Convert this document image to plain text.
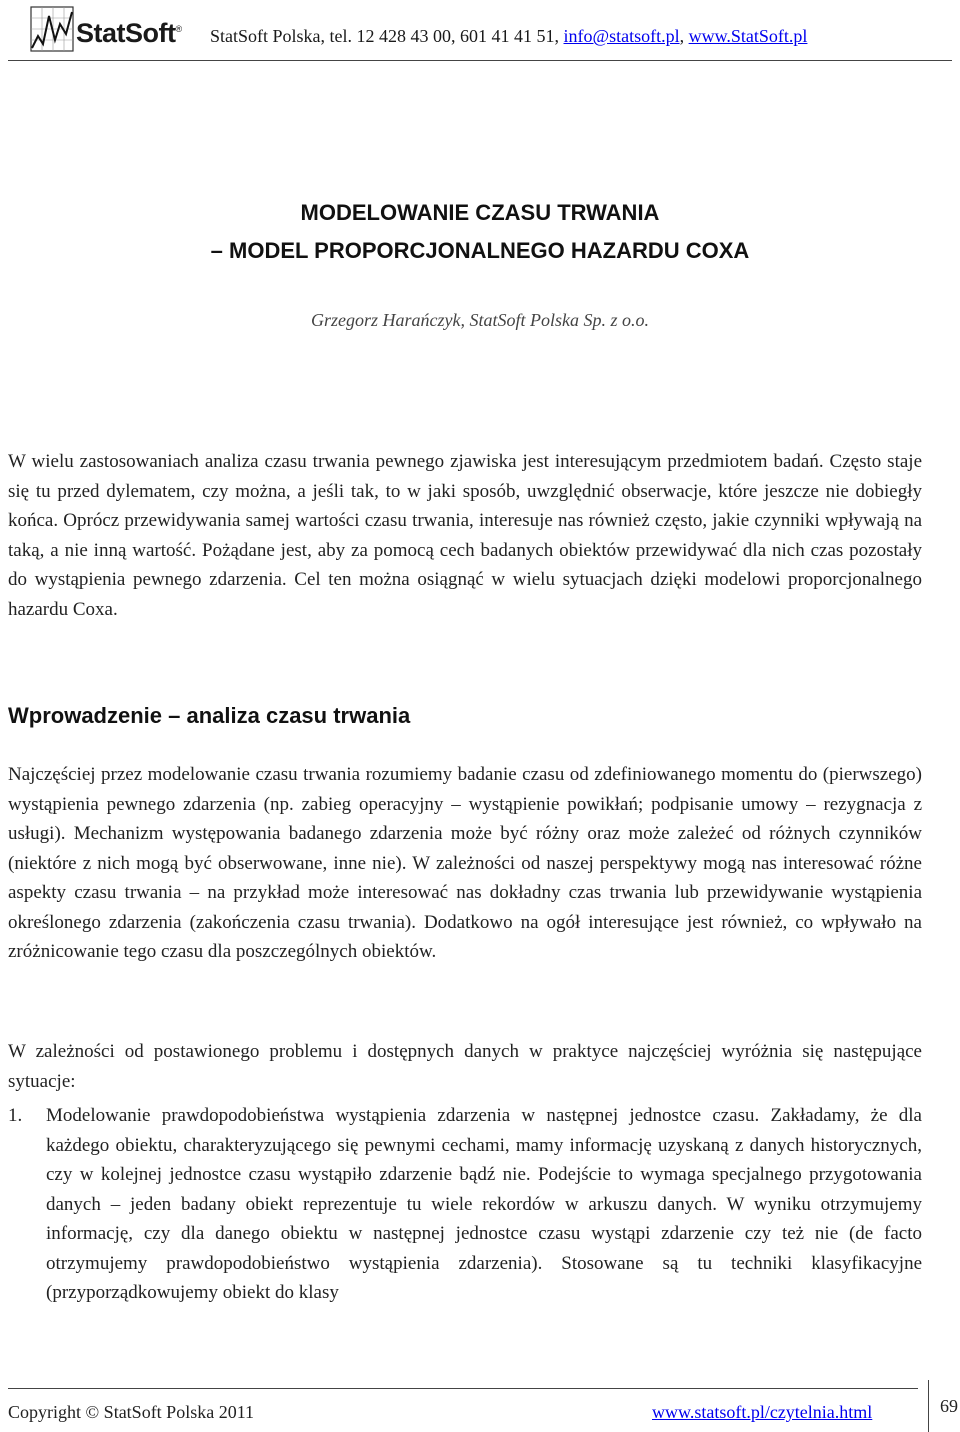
StatSoft® StatSoft Polska, tel. 12 428 43 00, 601 41 41 51, info@statsoft.pl, www.StatSoft.pl
MODELOWANIE CZASU TRWANIA
– MODEL PROPORCJONALNEGO HAZARDU COXA
Grzegorz Harańczyk, StatSoft Polska Sp. z o.o.

W wielu zastosowaniach analiza czasu trwania pewnego zjawiska jest interesującym przedmiotem badań. Często staje się tu przed dylematem, czy można, a jeśli tak, to w jaki sposób, uwzględnić obserwacje, które jeszcze nie dobiegły końca. Oprócz przewidywania samej wartości czasu trwania, interesuje nas również często, jakie czynniki wpływają na taką, a nie inną wartość. Pożądane jest, aby za pomocą cech badanych obiektów przewidywać dla nich czas pozostały do wystąpienia pewnego zdarzenia. Cel ten można osiągnąć w wielu sytuacjach dzięki modelowi proporcjonalnego hazardu Coxa.

Wprowadzenie – analiza czasu trwania

Najczęściej przez modelowanie czasu trwania rozumiemy badanie czasu od zdefiniowanego momentu do (pierwszego) wystąpienia pewnego zdarzenia (np. zabieg operacyjny – wystąpienie powikłań; podpisanie umowy – rezygnacja z usługi). Mechanizm występowania badanego zdarzenia może być różny oraz może zależeć od różnych czynników (niektóre z nich mogą być obserwowane, inne nie). W zależności od naszej perspektywy mogą nas interesować różne aspekty czasu trwania – na przykład może interesować nas dokładny czas trwania lub przewidywanie wystąpienia określonego zdarzenia (zakończenia czasu trwania). Dodatkowo na ogół interesujące jest również, co wpływało na zróżnicowanie tego czasu dla poszczególnych obiektów.

W zależności od postawionego problemu i dostępnych danych w praktyce najczęściej wyróżnia się następujące sytuacje:

1. Modelowanie prawdopodobieństwa wystąpienia zdarzenia w następnej jednostce czasu. Zakładamy, że dla każdego obiektu, charakteryzującego się pewnymi cechami, mamy informację uzyskaną z danych historycznych, czy w kolejnej jednostce czasu wystąpiło zdarzenie bądź nie. Podejście to wymaga specjalnego przygotowania danych – jeden badany obiekt reprezentuje tu wiele rekordów w arkuszu danych. W wyniku otrzymujemy informację, czy dla danego obiektu w następnej jednostce czasu wystąpi zdarzenie czy też nie (de facto otrzymujemy prawdopodobieństwo wystąpienia zdarzenia). Stosowane są tu techniki klasyfikacyjne (przyporządkowujemy obiekt do klasy

Copyright © StatSoft Polska 2011	www.statsoft.pl/czytelnia.html	69
